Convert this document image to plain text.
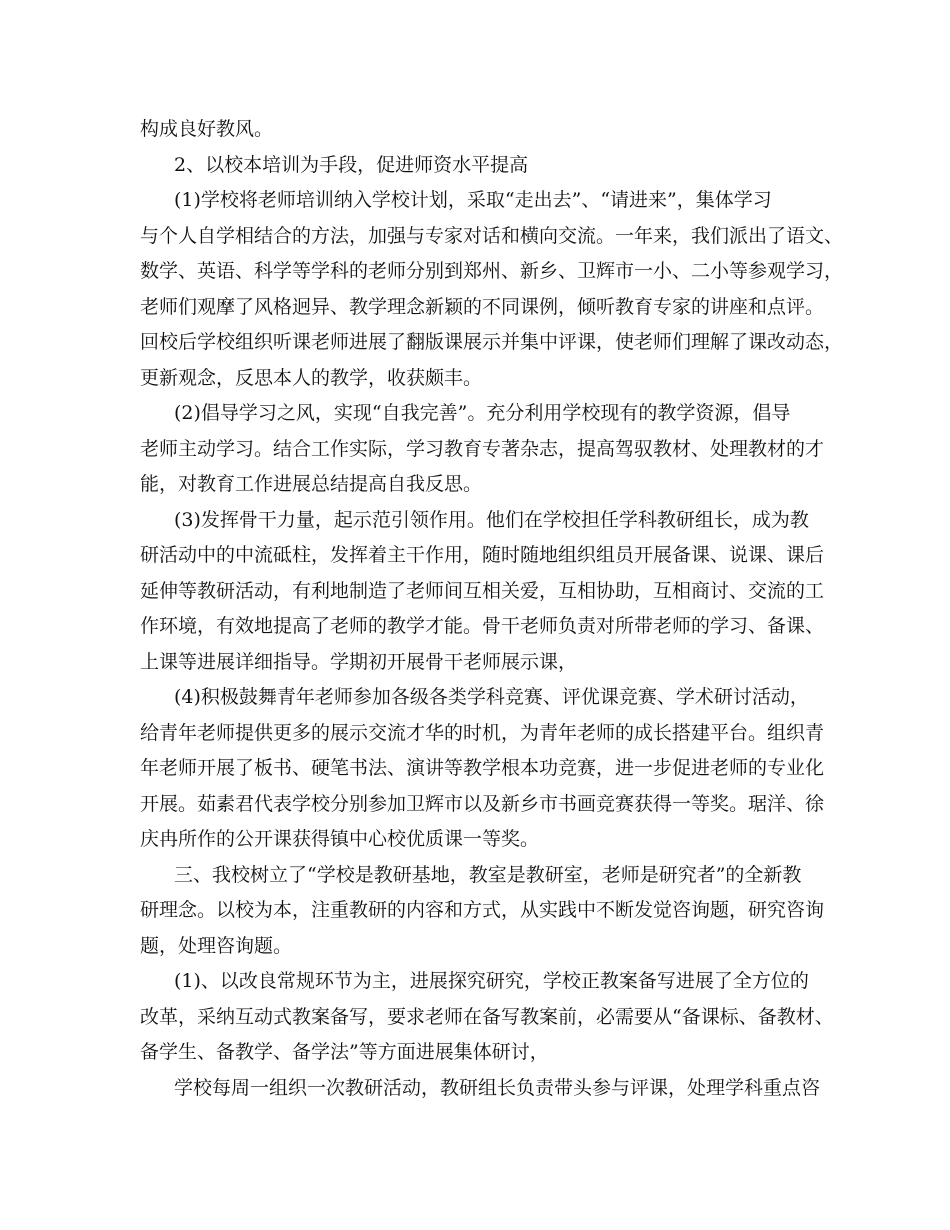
构成良好教风。
2、以校本培训为手段，促进师资水平提高
(1)学校将老师培训纳入学校计划，采取“走出去”、“请进来”，集体学习
与个人自学相结合的方法，加强与专家对话和横向交流。一年来，我们派出了语文、
数学、英语、科学等学科的老师分别到郑州、新乡、卫辉市一小、二小等参观学习，
老师们观摩了风格迥异、教学理念新颖的不同课例，倾听教育专家的讲座和点评。
回校后学校组织听课老师进展了翻版课展示并集中评课，使老师们理解了课改动态，
更新观念，反思本人的教学，收获颇丰。
(2)倡导学习之风，实现“自我完善”。充分利用学校现有的教学资源，倡导
老师主动学习。结合工作实际，学习教育专著杂志，提高驾驭教材、处理教材的才
能，对教育工作进展总结提高自我反思。
(3)发挥骨干力量，起示范引领作用。他们在学校担任学科教研组长，成为教
研活动中的中流砥柱，发挥着主干作用，随时随地组织组员开展备课、说课、课后
延伸等教研活动，有利地制造了老师间互相关爱，互相协助，互相商讨、交流的工
作环境，有效地提高了老师的教学才能。骨干老师负责对所带老师的学习、备课、
上课等进展详细指导。学期初开展骨干老师展示课，
(4)积极鼓舞青年老师参加各级各类学科竞赛、评优课竞赛、学术研讨活动，
给青年老师提供更多的展示交流才华的时机，为青年老师的成长搭建平台。组织青
年老师开展了板书、硬笔书法、演讲等教学根本功竞赛，进一步促进老师的专业化
开展。茹素君代表学校分别参加卫辉市以及新乡市书画竞赛获得一等奖。琚洋、徐
庆冉所作的公开课获得镇中心校优质课一等奖。
三、我校树立了“学校是教研基地，教室是教研室，老师是研究者”的全新教
研理念。以校为本，注重教研的内容和方式，从实践中不断发觉咨询题，研究咨询
题，处理咨询题。
(1)、以改良常规环节为主，进展探究研究，学校正教案备写进展了全方位的
改革，采纳互动式教案备写，要求老师在备写教案前，必需要从“备课标、备教材、
备学生、备教学、备学法”等方面进展集体研讨，
学校每周一组织一次教研活动，教研组长负责带头参与评课，处理学科重点咨
